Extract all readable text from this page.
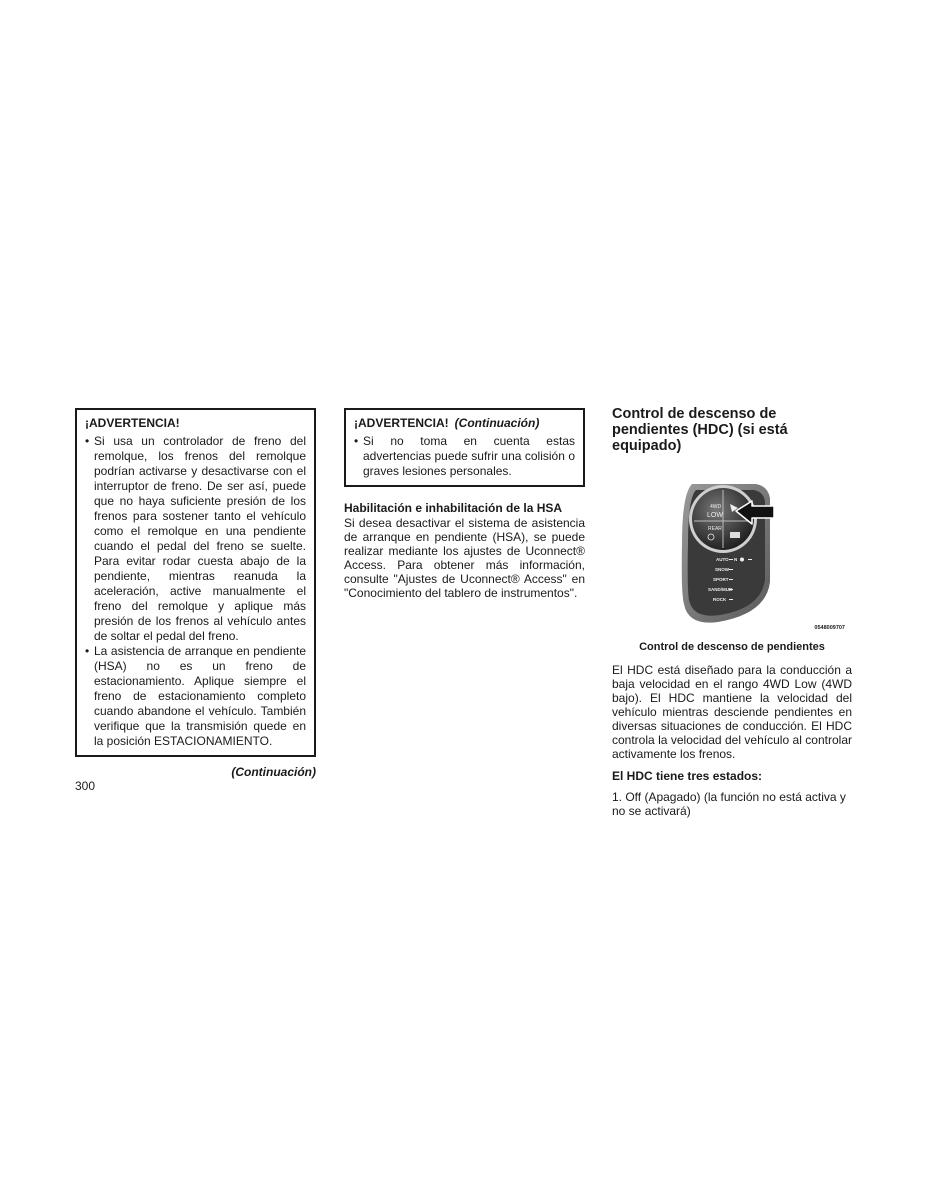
¡ADVERTENCIA!
• Si usa un controlador de freno del remolque, los frenos del remolque podrían activarse y desactivarse con el interruptor de freno. De ser así, puede que no haya suficiente presión de los frenos para sostener tanto el vehículo como el remolque en una pendiente cuando el pedal del freno se suelte. Para evitar rodar cuesta abajo de la pendiente, mientras reanuda la aceleración, active manualmente el freno del remolque y aplique más presión de los frenos al vehículo antes de soltar el pedal del freno.
• La asistencia de arranque en pendiente (HSA) no es un freno de estacionamiento. Aplique siempre el freno de estacionamiento completo cuando abandone el vehículo. También verifique que la transmisión quede en la posición ESTACIONAMIENTO.
(Continuación)
300
¡ADVERTENCIA! (Continuación)
• Si no toma en cuenta estas advertencias puede sufrir una colisión o graves lesiones personales.
Habilitación e inhabilitación de la HSA

Si desea desactivar el sistema de asistencia de arranque en pendiente (HSA), se puede realizar mediante los ajustes de Uconnect® Access. Para obtener más información, consulte "Ajustes de Uconnect® Access" en "Conocimiento del tablero de instrumentos".

Control de descenso de pendientes (HDC) (si está equipado)

4WD
LOW
REAR
AUTO N
SNOW
SPORT
SAND/MUD
ROCK
0548009707
Control de descenso de pendientes

El HDC está diseñado para la conducción a baja velocidad en el rango 4WD Low (4WD bajo). El HDC mantiene la velocidad del vehículo mientras desciende pendientes en diversas situaciones de conducción. El HDC controla la velocidad del vehículo al controlar activamente los frenos.

El HDC tiene tres estados:

1. Off (Apagado) (la función no está activa y no se activará)
